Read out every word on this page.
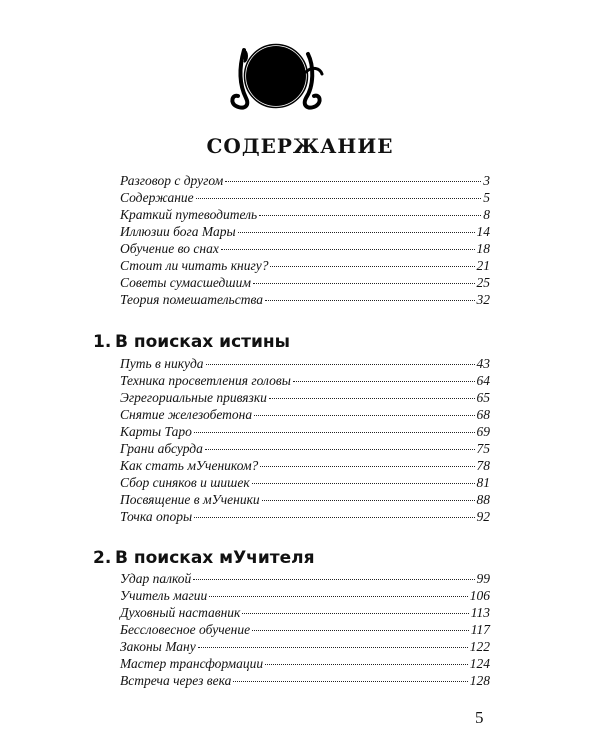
СОДЕРЖАНИЕ
Разговор с другом	3
Содержание	5
Краткий путеводитель	8
Иллюзии бога Мары	14
Обучение во снах	18
Стоит ли читать книгу?	21
Советы сумасшедшим	25
Теория помешательства	32
1. В поисках истины
Путь в никуда	43
Техника просветления головы	64
Эгрегориальные привязки	65
Снятие железобетона	68
Карты Таро	69
Грани абсурда	75
Как стать мУчеником?	78
Сбор синяков и шишек	81
Посвящение в мУченики	88
Точка опоры	92
2. В поисках мУчителя
Удар палкой	99
Учитель магии	106
Духовный наставник	113
Бессловесное обучение	117
Законы Ману	122
Мастер трансформации	124
Встреча через века	128
5
